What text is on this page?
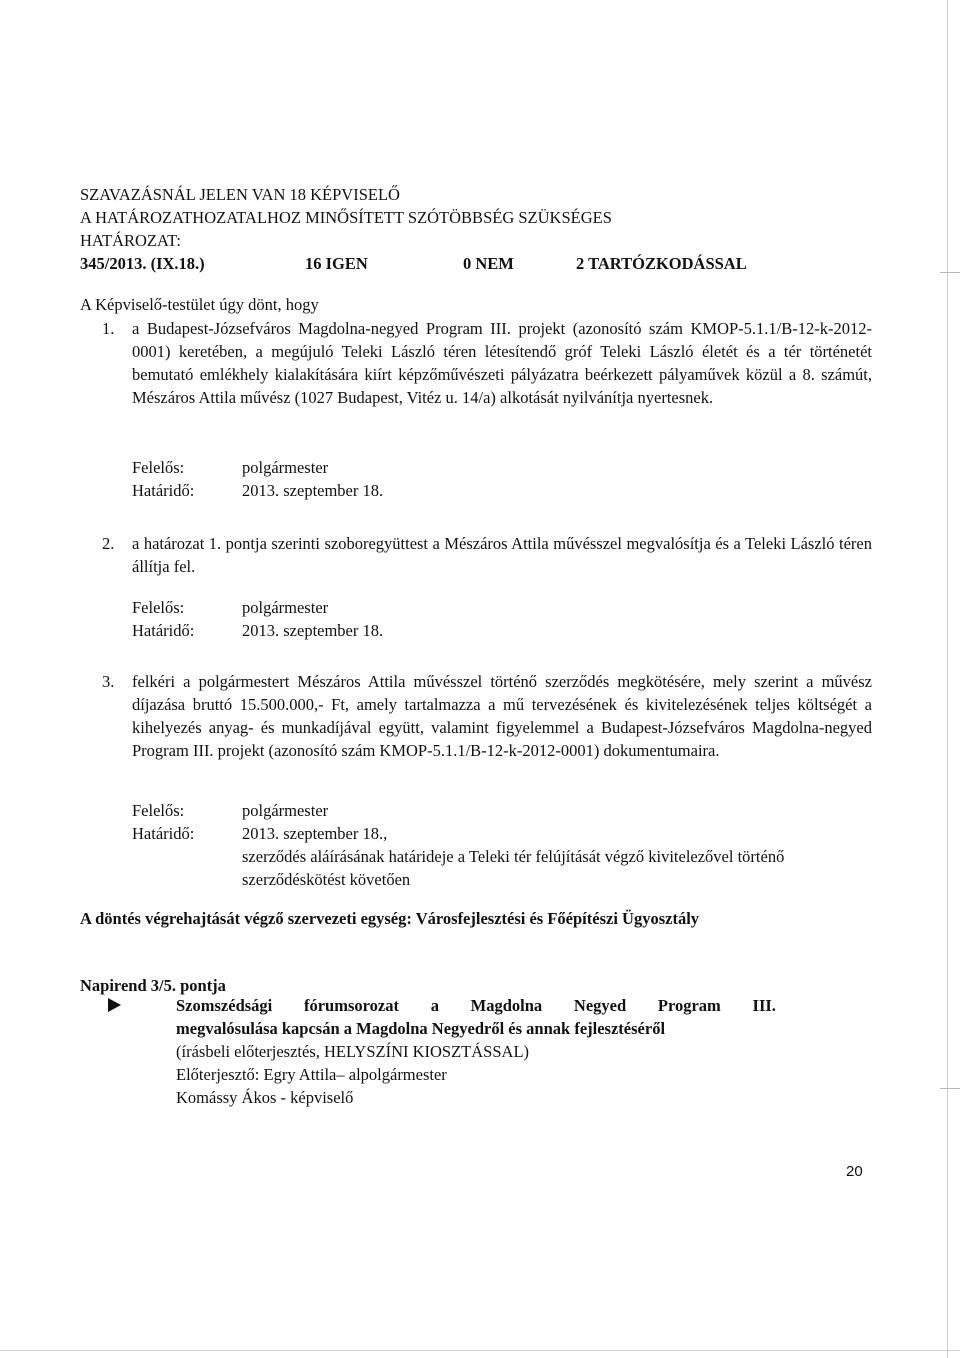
SZAVAZÁSNÁL JELEN VAN 18 KÉPVISELŐ
A HATÁROZATHOZATALHOZ MINŐSÍTETT SZÓTÖBBSÉG SZÜKSÉGES
HATÁROZAT:
345/2013. (IX.18.)	16 IGEN	0 NEM	2 TARTÓZKODÁSSAL
A Képviselő-testület úgy dönt, hogy
1. a Budapest-Józsefváros Magdolna-negyed Program III. projekt (azonosító szám KMOP-5.1.1/B-12-k-2012-0001) keretében, a megújuló Teleki László téren létesítendő gróf Teleki László életét és a tér történetét bemutató emlékhely kialakítására kiírt képzőművészeti pályázatra beérkezett pályaművek közül a 8. számút, Mészáros Attila művész (1027 Budapest, Vitéz u. 14/a) alkotását nyilvánítja nyertesnek.
Felelős:	polgármester
Határidő:	2013. szeptember 18.
2. a határozat 1. pontja szerinti szoboregyüttest a Mészáros Attila művésszel megvalósítja és a Teleki László téren állítja fel.
Felelős:	polgármester
Határidő:	2013. szeptember 18.
3. felkéri a polgármestert Mészáros Attila művésszel történő szerződés megkötésére, mely szerint a művész díjazása bruttó 15.500.000,- Ft, amely tartalmazza a mű tervezésének és kivitelezésének teljes költségét a kihelyezés anyag- és munkadíjával együtt, valamint figyelemmel a Budapest-Józsefváros Magdolna-negyed Program III. projekt (azonosító szám KMOP-5.1.1/B-12-k-2012-0001) dokumentumaira.
Felelős:	polgármester
Határidő:	2013. szeptember 18.,
szerződés aláírásának határideje a Teleki tér felújítását végző kivitelezővel történő szerződéskötést követően
A döntés végrehajtását végző szervezeti egység: Városfejlesztési és Főépítészi Ügyosztály
Napirend 3/5. pontja
Szomszédsági fórumsorozat a Magdolna Negyed Program III.
megvalósulása kapcsán a Magdolna Negyedről és annak fejlesztéséről
(írásbeli előterjesztés, HELYSZÍNI KIOSZTÁSSAL)
Előterjesztő: Egry Attila– alpolgármester
Komássy Ákos - képviselő
20
